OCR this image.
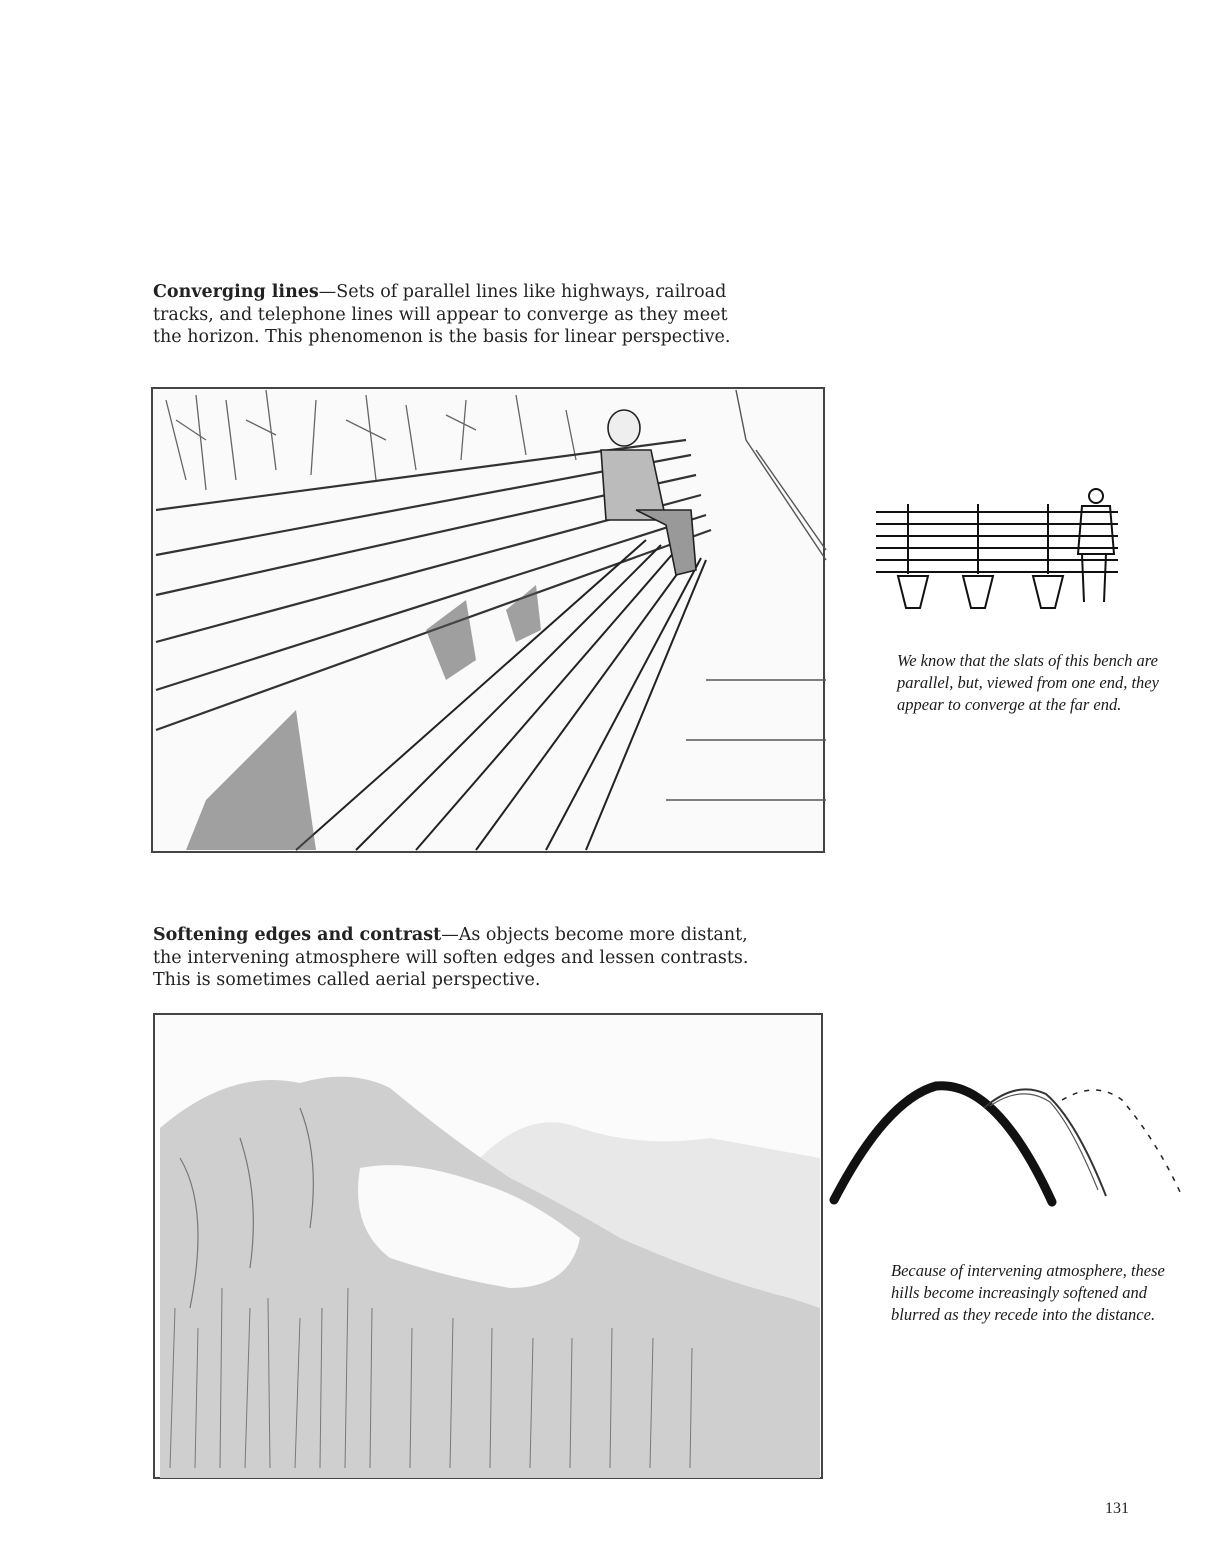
Converging lines—Sets of parallel lines like highways, railroad tracks, and telephone lines will appear to converge as they meet the horizon. This phenomenon is the basis for linear perspective.

We know that the slats of this bench are parallel, but, viewed from one end, they appear to converge at the far end.

Softening edges and contrast—As objects become more distant, the intervening atmosphere will soften edges and lessen contrasts. This is sometimes called aerial perspective.

Because of intervening atmosphere, these hills become increasingly softened and blurred as they recede into the distance.

131
